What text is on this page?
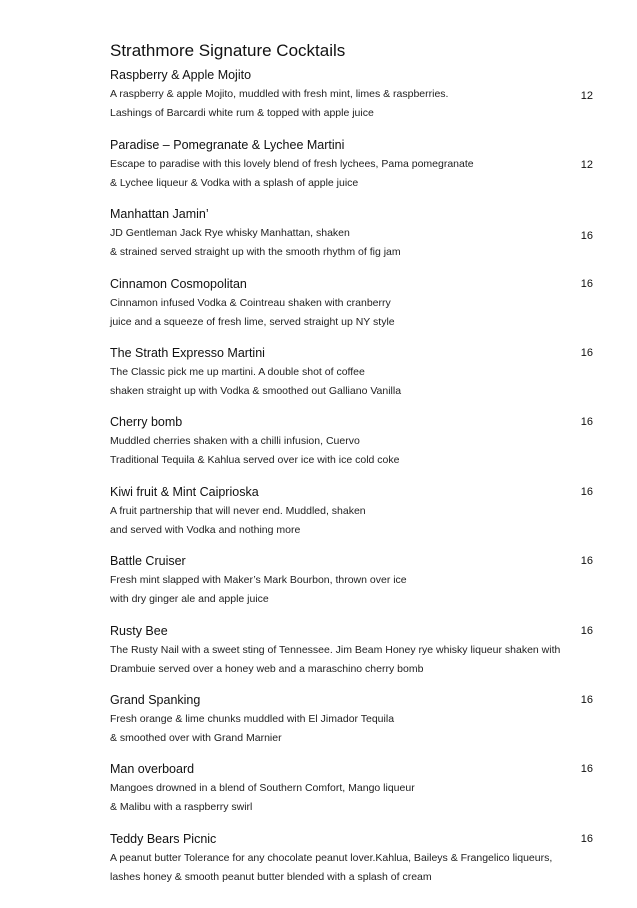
Strathmore Signature Cocktails
Raspberry & Apple Mojito
A raspberry & apple Mojito, muddled with fresh mint, limes & raspberries.
Lashings of Barcardi white rum & topped with apple juice
12
Paradise – Pomegranate & Lychee Martini
Escape to paradise with this lovely blend of fresh lychees, Pama pomegranate
& Lychee liqueur & Vodka with a splash of apple juice
12
Manhattan Jamin’
JD Gentleman Jack Rye whisky Manhattan, shaken
& strained served straight up with the smooth rhythm of fig jam
16
Cinnamon Cosmopolitan
Cinnamon infused Vodka & Cointreau shaken with cranberry
juice and a squeeze of fresh lime, served straight up NY style
16
The Strath Expresso Martini
The Classic pick me up martini. A double shot of coffee
shaken straight up with Vodka & smoothed out Galliano Vanilla
16
Cherry bomb
Muddled cherries shaken with a chilli infusion, Cuervo
Traditional Tequila & Kahlua served over ice with ice cold coke
16
Kiwi fruit & Mint Caiprioska
A fruit partnership that will never end. Muddled, shaken
and served with Vodka and nothing more
16
Battle Cruiser
Fresh mint slapped with Maker’s Mark Bourbon, thrown over ice
with dry ginger ale and apple juice
16
Rusty Bee
The Rusty Nail with a sweet sting of Tennessee. Jim Beam Honey rye whisky liqueur shaken with
Drambuie served over a honey web and a maraschino cherry bomb
16
Grand Spanking
Fresh orange & lime chunks muddled with El Jimador Tequila
& smoothed over with Grand Marnier
16
Man overboard
Mangoes drowned in a blend of Southern Comfort, Mango liqueur
& Malibu with a raspberry swirl
16
Teddy Bears Picnic
A peanut butter Tolerance for any chocolate peanut lover.Kahlua, Baileys & Frangelico liqueurs,
lashes honey & smooth peanut butter blended with a splash of cream
16
